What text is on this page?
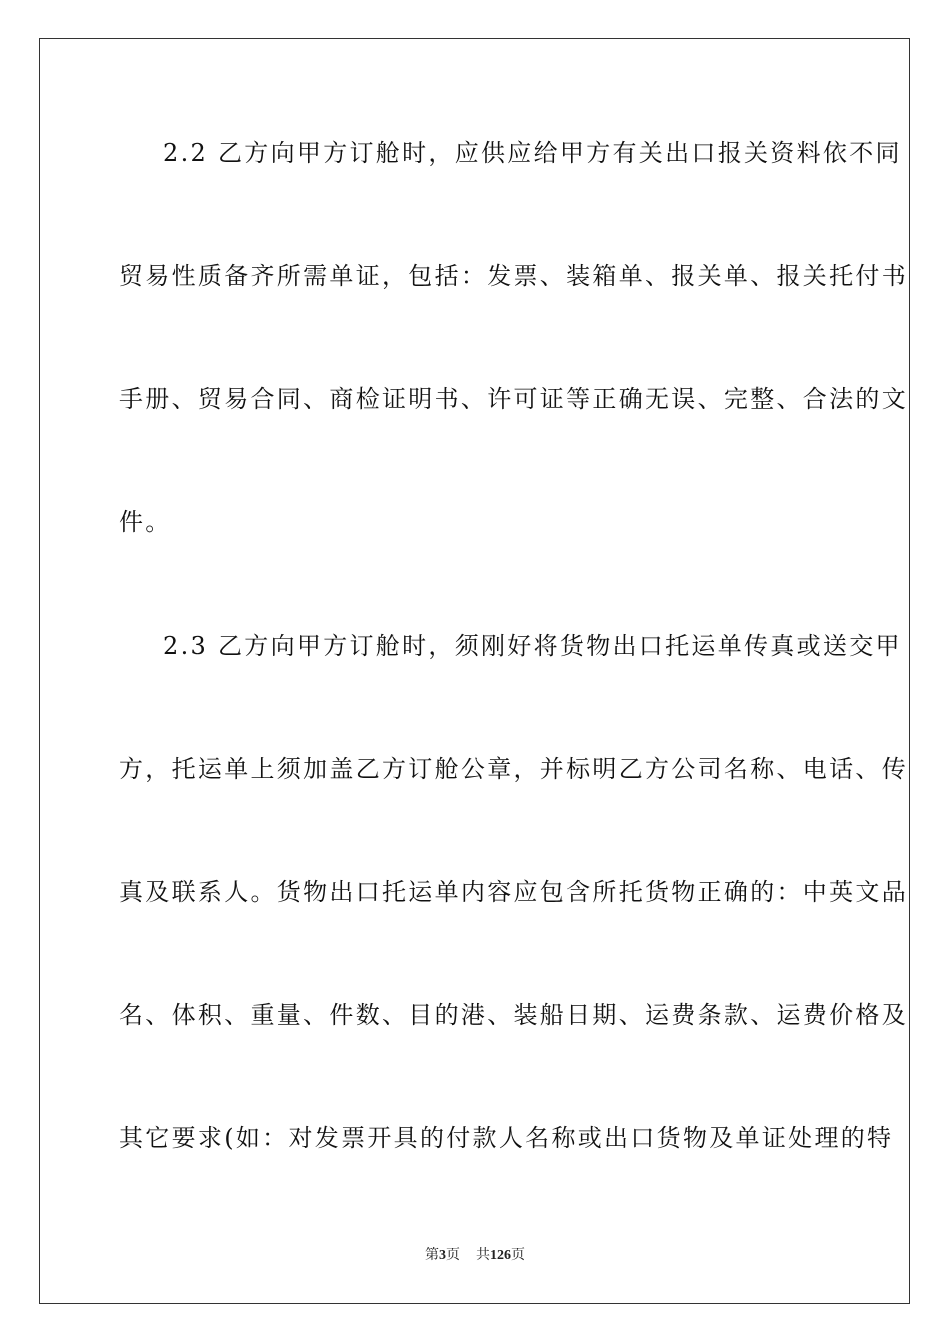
2.2 乙方向甲方订舱时，应供应给甲方有关出口报关资料依不同
贸易性质备齐所需单证，包括：发票、装箱单、报关单、报关托付书
手册、贸易合同、商检证明书、许可证等正确无误、完整、合法的文
件。
2.3 乙方向甲方订舱时，须刚好将货物出口托运单传真或送交甲
方，托运单上须加盖乙方订舱公章，并标明乙方公司名称、电话、传
真及联系人。货物出口托运单内容应包含所托货物正确的：中英文品
名、体积、重量、件数、目的港、装船日期、运费条款、运费价格及
其它要求(如：对发票开具的付款人名称或出口货物及单证处理的特
第3页 共126页
